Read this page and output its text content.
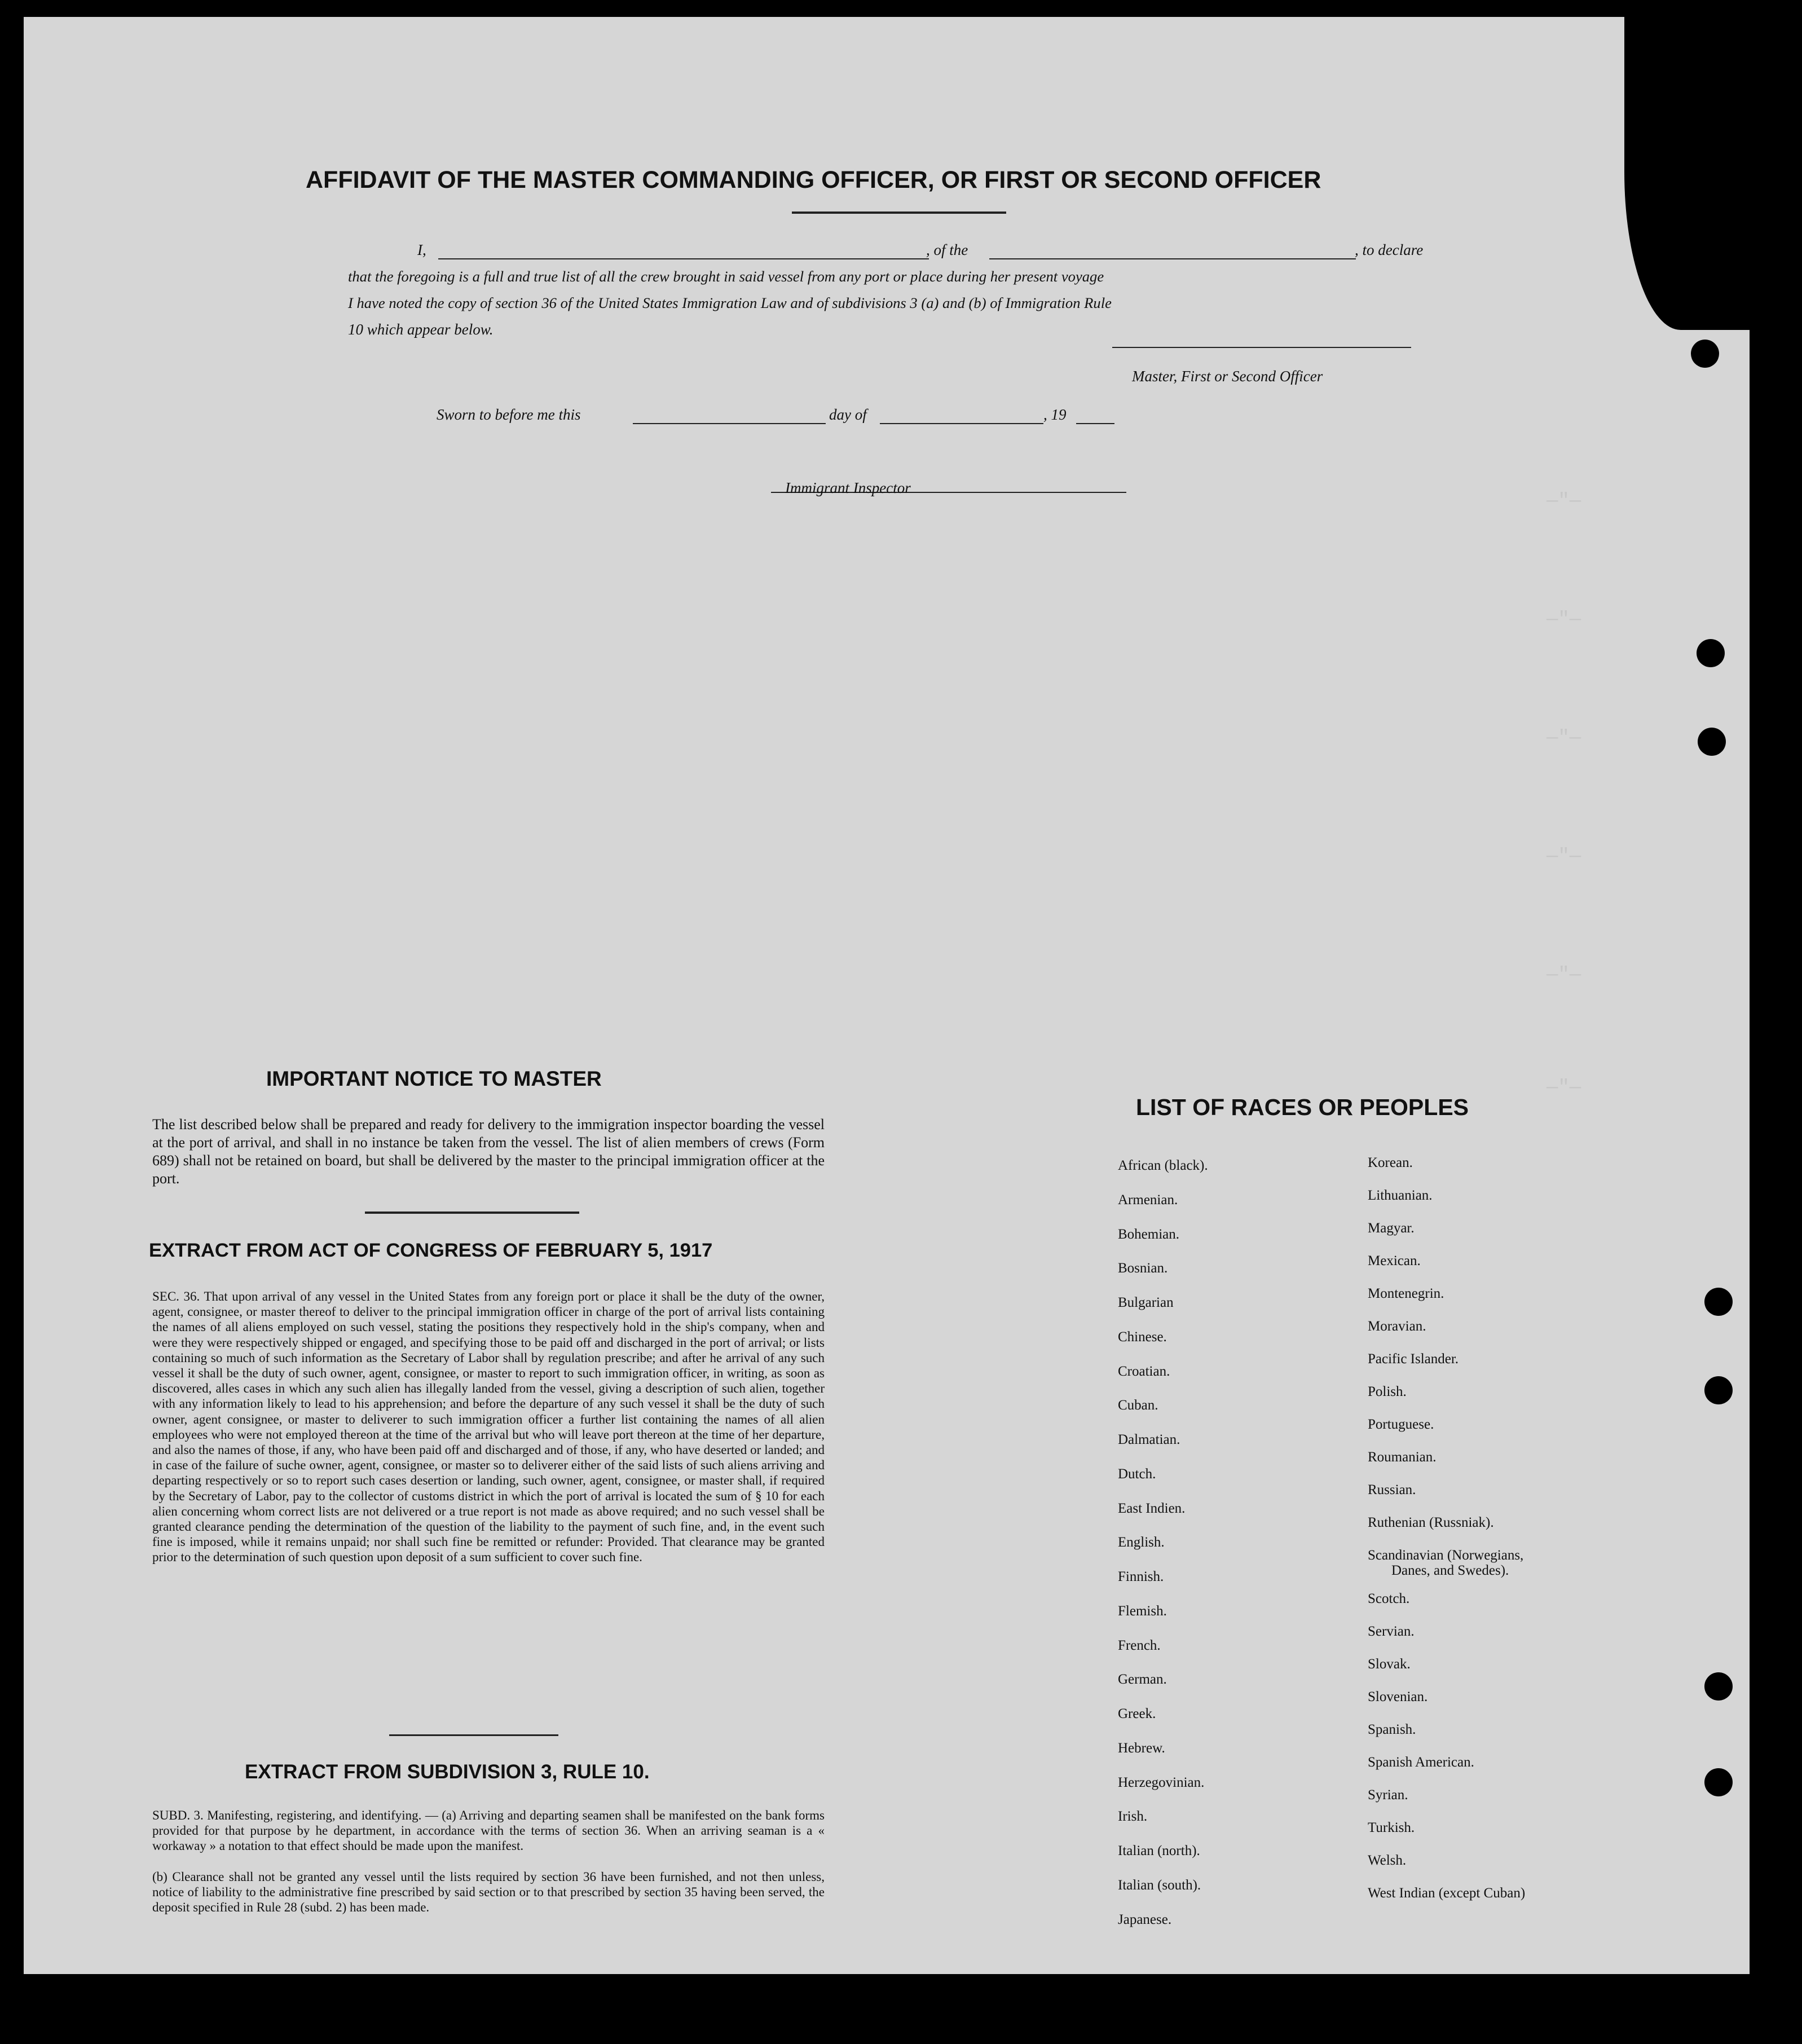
—"—
—"—
—"—
—"—
—"—
—"—
AFFIDAVIT OF THE MASTER COMMANDING OFFICER, OR FIRST OR SECOND OFFICER
I,	, of the	, to declare
that the foregoing is a full and true list of all the crew brought in said vessel from any port or place during her present voyage
I have noted the copy of section 36 of the United States Immigration Law and of subdivisions 3 (a) and (b) of Immigration Rule
10 which appear below.
Master, First or Second Officer
Sworn to before me this	day of	, 19
Immigrant Inspector
IMPORTANT NOTICE TO MASTER
The list described below shall be prepared and ready for delivery to the immigration inspector boarding the vessel at the port of arrival, and shall in no instance be taken from the vessel. The list of alien members of crews (Form 689) shall not be retained on board, but shall be delivered by the master to the principal immigration officer at the port.
EXTRACT FROM ACT OF CONGRESS OF FEBRUARY 5, 1917
SEC. 36. That upon arrival of any vessel in the United States from any foreign port or place it shall be the duty of the owner, agent, consignee, or master thereof to deliver to the principal immigration officer in charge of the port of arrival lists containing the names of all aliens employed on such vessel, stating the positions they respectively hold in the ship's company, when and were they were respectively shipped or engaged, and specifying those to be paid off and discharged in the port of arrival; or lists containing so much of such information as the Secretary of Labor shall by regulation prescribe; and after he arrival of any such vessel it shall be the duty of such owner, agent, consignee, or master to report to such immigration officer, in writing, as soon as discovered, alles cases in which any such alien has illegally landed from the vessel, giving a description of such alien, together with any information likely to lead to his apprehension; and before the departure of any such vessel it shall be the duty of such owner, agent consignee, or master to deliverer to such immigration officer a further list containing the names of all alien employees who were not employed thereon at the time of the arrival but who will leave port thereon at the time of her departure, and also the names of those, if any, who have been paid off and discharged and of those, if any, who have deserted or landed; and in case of the failure of suche owner, agent, consignee, or master so to deliverer either of the said lists of such aliens arriving and departing respectively or so to report such cases desertion or landing, such owner, agent, consignee, or master shall, if required by the Secretary of Labor, pay to the collector of customs district in which the port of arrival is located the sum of § 10 for each alien concerning whom correct lists are not delivered or a true report is not made as above required; and no such vessel shall be granted clearance pending the determination of the question of the liability to the payment of such fine, and, in the event such fine is imposed, while it remains unpaid; nor shall such fine be remitted or refunder: Provided. That clearance may be granted prior to the determination of such question upon deposit of a sum sufficient to cover such fine.
EXTRACT FROM SUBDIVISION 3, RULE 10.
SUBD. 3. Manifesting, registering, and identifying. — (a) Arriving and departing seamen shall be manifested on the bank forms provided for that purpose by he department, in accordance with the terms of section 36. When an arriving seaman is a « workaway » a notation to that effect should be made upon the manifest.
(b) Clearance shall not be granted any vessel until the lists required by section 36 have been furnished, and not then unless, notice of liability to the administrative fine prescribed by said section or to that prescribed by section 35 having been served, the deposit specified in Rule 28 (subd. 2) has been made.
LIST OF RACES OR PEOPLES
African (black).
Armenian.
Bohemian.
Bosnian.
Bulgarian
Chinese.
Croatian.
Cuban.
Dalmatian.
Dutch.
East Indien.
English.
Finnish.
Flemish.
French.
German.
Greek.
Hebrew.
Herzegovinian.
Irish.
Italian (north).
Italian (south).
Japanese.
Korean.
Lithuanian.
Magyar.
Mexican.
Montenegrin.
Moravian.
Pacific Islander.
Polish.
Portuguese.
Roumanian.
Russian.
Ruthenian (Russniak).
Scandinavian (Norwegians,
Danes, and Swedes).
Scotch.
Servian.
Slovak.
Slovenian.
Spanish.
Spanish American.
Syrian.
Turkish.
Welsh.
West Indian (except Cuban)
